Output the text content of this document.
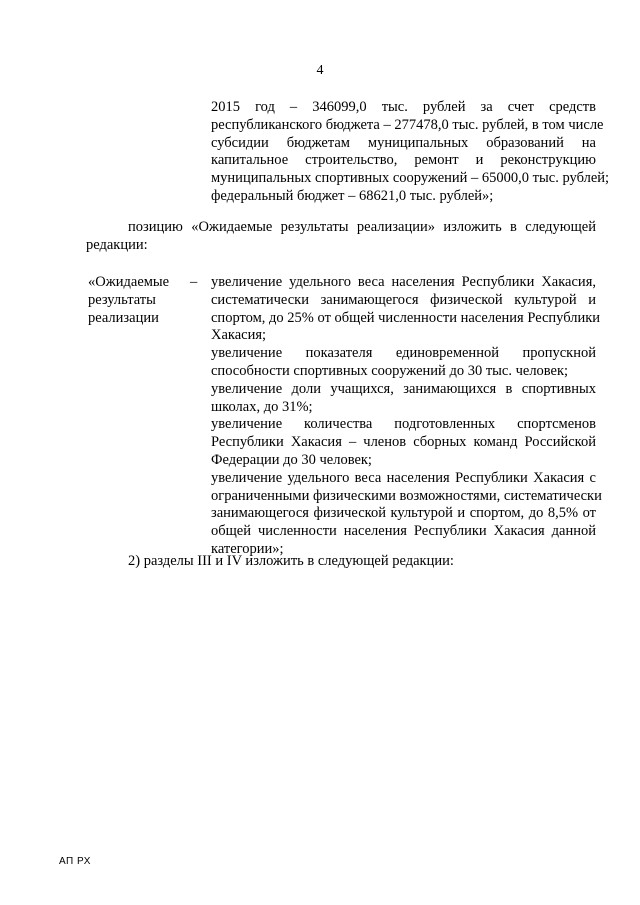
4
2015 год – 346099,0 тыс. рублей за счет средств
республиканского бюджета – 277478,0 тыс. рублей, в том числе
субсидии бюджетам муниципальных образований на
капитальное строительство, ремонт и реконструкцию
муниципальных спортивных сооружений – 65000,0 тыс. рублей;
федеральный бюджет – 68621,0 тыс. рублей»;
позицию «Ожидаемые результаты реализации» изложить в следующей
редакции:
«Ожидаемые
результаты
реализации
– увеличение удельного веса населения Республики Хакасия,
систематически занимающегося физической культурой и
спортом, до 25% от общей численности населения Республики
Хакасия;
увеличение показателя единовременной пропускной
способности спортивных сооружений до 30 тыс. человек;
увеличение доли учащихся, занимающихся в спортивных
школах, до 31%;
увеличение количества подготовленных спортсменов
Республики Хакасия – членов сборных команд Российской
Федерации до 30 человек;
увеличение удельного веса населения Республики Хакасия с
ограниченными физическими возможностями, систематически
занимающегося физической культурой и спортом, до 8,5% от
общей численности населения Республики Хакасия данной
категории»;
2) разделы III и IV изложить в следующей редакции:
АП РХ
